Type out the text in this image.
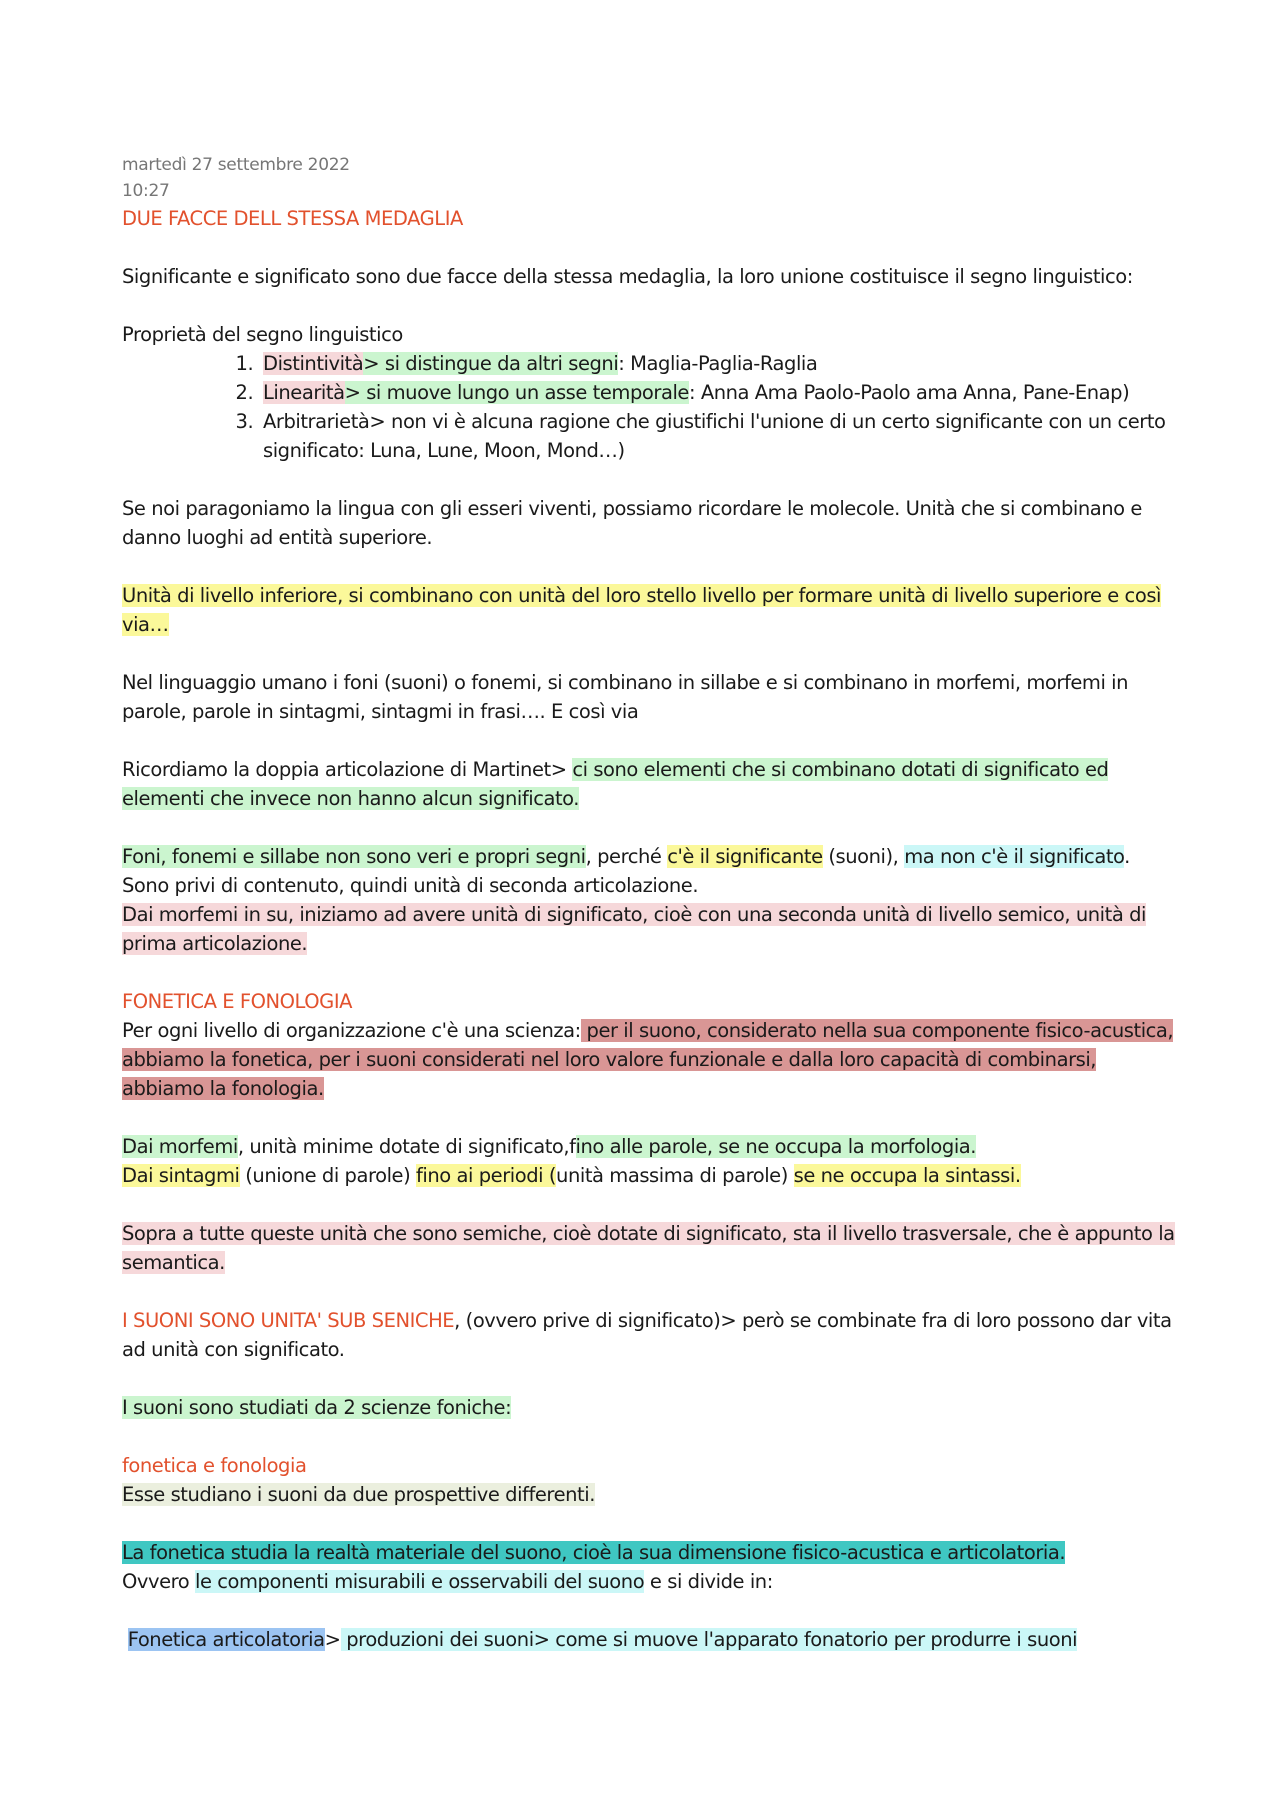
martedì 27 settembre 2022
10:27

DUE FACCE DELL STESSA MEDAGLIA

Significante e significato sono due facce della stessa medaglia, la loro unione costituisce il segno linguistico:

Proprietà del segno linguistico

1. Distintività> si distingue da altri segni: Maglia-Paglia-Raglia
2. Linearità> si muove lungo un asse temporale: Anna Ama Paolo-Paolo ama Anna, Pane-Enap)
3. Arbitrarietà> non vi è alcuna ragione che giustifichi l'unione di un certo significante con un certo significato: Luna, Lune, Moon, Mond…)

Se noi paragoniamo la lingua con gli esseri viventi, possiamo ricordare le molecole. Unità che si combinano e danno luoghi ad entità superiore.

Unità di livello inferiore, si combinano con unità del loro stello livello per formare unità di livello superiore e così via…

Nel linguaggio umano i foni (suoni) o fonemi, si combinano in sillabe e si combinano in morfemi, morfemi in parole, parole in sintagmi, sintagmi in frasi…. E così via

Ricordiamo la doppia articolazione di Martinet> ci sono elementi che si combinano dotati di significato ed elementi che invece non hanno alcun significato.

Foni, fonemi e sillabe non sono veri e propri segni, perché c'è il significante (suoni), ma non c'è il significato.

Sono privi di contenuto, quindi unità di seconda articolazione.

Dai morfemi in su, iniziamo ad avere unità di significato, cioè con una seconda unità di livello semico, unità di prima articolazione.

FONETICA E FONOLOGIA

Per ogni livello di organizzazione c'è una scienza: per il suono, considerato nella sua componente fisico-acustica, abbiamo la fonetica, per i suoni considerati nel loro valore funzionale e dalla loro capacità di combinarsi, abbiamo la fonologia.

Dai morfemi, unità minime dotate di significato,fino alle parole, se ne occupa la morfologia.

Dai sintagmi (unione di parole) fino ai periodi (unità massima di parole) se ne occupa la sintassi.

Sopra a tutte queste unità che sono semiche, cioè dotate di significato, sta il livello trasversale, che è appunto la semantica.

I SUONI SONO UNITA' SUB SENICHE, (ovvero prive di significato)> però se combinate fra di loro possono dar vita ad unità con significato.

I suoni sono studiati da 2 scienze foniche:

fonetica e fonologia

Esse studiano i suoni da due prospettive differenti.

La fonetica studia la realtà materiale del suono, cioè la sua dimensione fisico-acustica e articolatoria.

Ovvero le componenti misurabili e osservabili del suono e si divide in:

Fonetica articolatoria> produzioni dei suoni> come si muove l'apparato fonatorio per produrre i suoni
